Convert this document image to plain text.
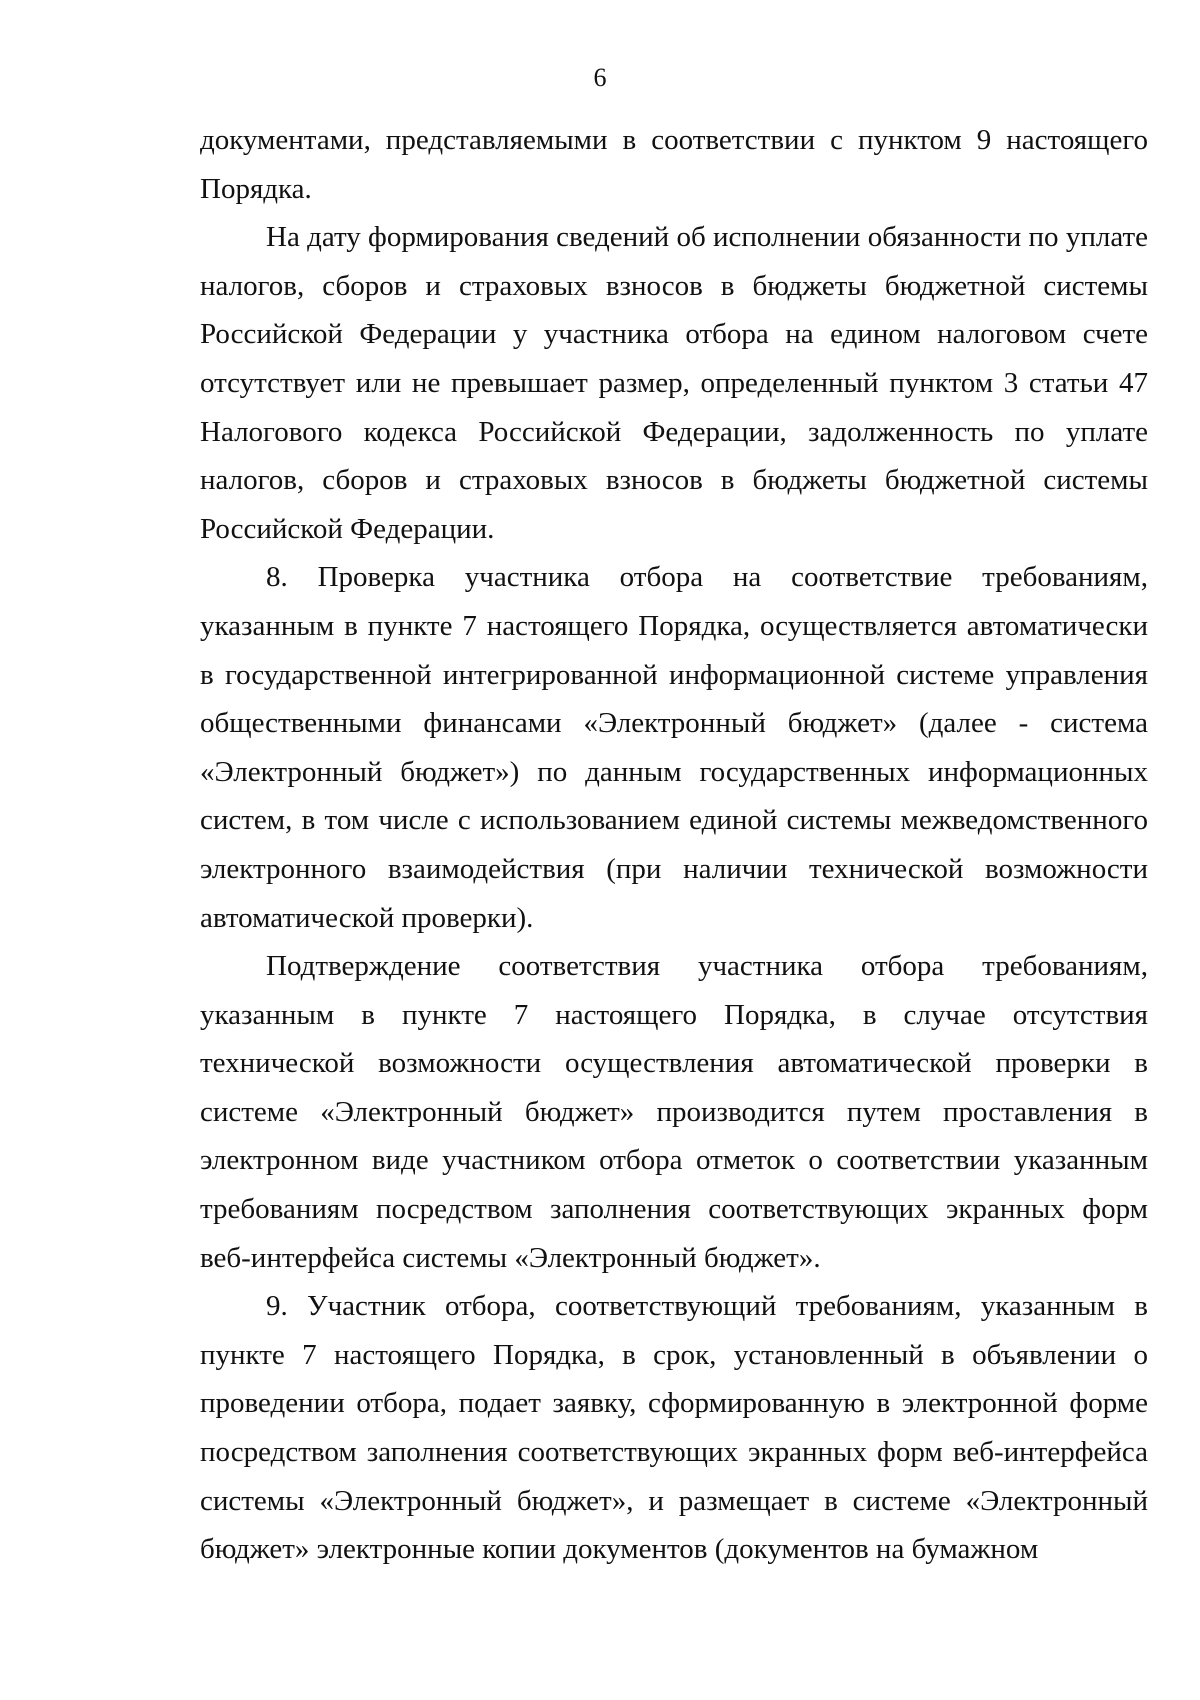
6

документами, представляемыми в соответствии с пунктом 9 настоящего Порядка.

На дату формирования сведений об исполнении обязанности по уплате налогов, сборов и страховых взносов в бюджеты бюджетной системы Российской Федерации у участника отбора на едином налоговом счете отсутствует или не превышает размер, определенный пунктом 3 статьи 47 Налогового кодекса Российской Федерации, задолженность по уплате налогов, сборов и страховых взносов в бюджеты бюджетной системы Российской Федерации.

8. Проверка участника отбора на соответствие требованиям, указанным в пункте 7 настоящего Порядка, осуществляется автоматически в государственной интегрированной информационной системе управления общественными финансами «Электронный бюджет» (далее - система «Электронный бюджет») по данным государственных информационных систем, в том числе с использованием единой системы межведомственного электронного взаимодействия (при наличии технической возможности автоматической проверки).

Подтверждение соответствия участника отбора требованиям, указанным в пункте 7 настоящего Порядка, в случае отсутствия технической возможности осуществления автоматической проверки в системе «Электронный бюджет» производится путем проставления в электронном виде участником отбора отметок о соответствии указанным требованиям посредством заполнения соответствующих экранных форм веб-интерфейса системы «Электронный бюджет».

9. Участник отбора, соответствующий требованиям, указанным в пункте 7 настоящего Порядка, в срок, установленный в объявлении о проведении отбора, подает заявку, сформированную в электронной форме посредством заполнения соответствующих экранных форм веб-интерфейса системы «Электронный бюджет», и размещает в системе «Электронный бюджет» электронные копии документов (документов на бумажном
